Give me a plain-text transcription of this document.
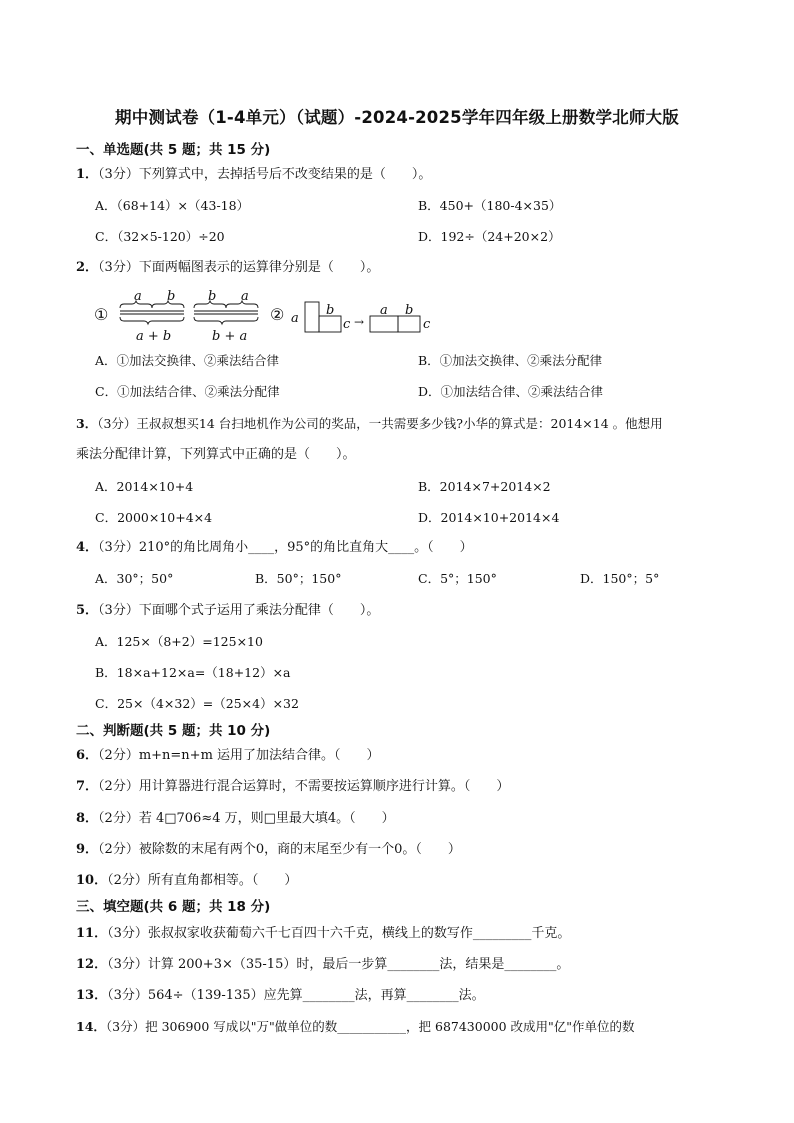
期中测试卷（1-4单元）（试题）-2024-2025学年四年级上册数学北师大版
一、单选题(共 5 题；共 15 分)
1．（3分）下列算式中，去掉括号后不改变结果的是（　　）。
A．（68+14）×（43-18）	B．450+（180-4×35）
C．（32×5-120）÷20	D．192÷（24+20×2）
2．（3分）下面两幅图表示的运算律分别是（　　）。
①
a b
a + b
b a
b + a
② a
b
c →
a b
c
A．①加法交换律、②乘法结合律	B．①加法交换律、②乘法分配律
C．①加法结合律、②乘法分配律	D．①加法结合律、②乘法结合律
3．（3分）王叔叔想买14 台扫地机作为公司的奖品，一共需要多少钱?小华的算式是：2014×14 。他想用
乘法分配律计算，下列算式中正确的是（　　）。
A．2014×10+4	B．2014×7+2014×2
C．2000×10+4×4	D．2014×10+2014×4
4．（3分）210°的角比周角小____，95°的角比直角大____。（　　）
A．30°；50°	B．50°；150°	C．5°；150°	D．150°；5°
5．（3分）下面哪个式子运用了乘法分配律（　　）。
A．125×（8+2）=125×10
B．18×a+12×a=（18+12）×a
C．25×（4×32）=（25×4）×32
二、判断题(共 5 题；共 10 分)
6．（2分）m+n=n+m 运用了加法结合律。（　　）
7．（2分）用计算器进行混合运算时，不需要按运算顺序进行计算。（　　）
8．（2分）若 4□706≈4 万，则□里最大填4。（　　）
9．（2分）被除数的末尾有两个0，商的末尾至少有一个0。（　　）
10．（2分）所有直角都相等。（　　）
三、填空题(共 6 题；共 18 分)
11．（3分）张叔叔家收获葡萄六千七百四十六千克，横线上的数写作_________千克。
12．（3分）计算 200+3×（35-15）时，最后一步算________法，结果是________。
13．（3分）564÷（139-135）应先算________法，再算________法。
14．（3分）把 306900 写成以"万"做单位的数___________，把 687430000 改成用"亿"作单位的数
